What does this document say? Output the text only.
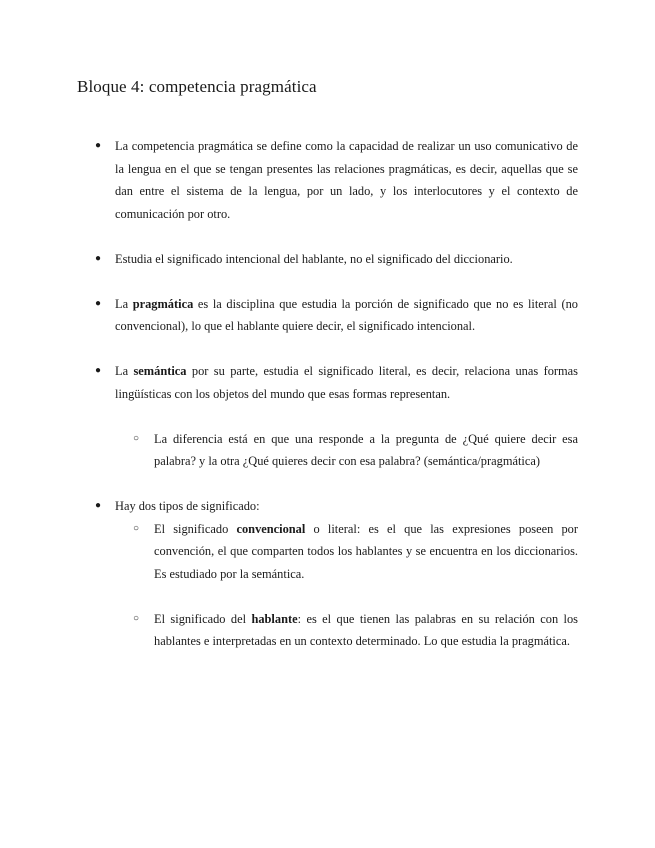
Bloque 4: competencia pragmática
●	La competencia pragmática se define como la capacidad de realizar un uso comunicativo de la lengua en el que se tengan presentes las relaciones pragmáticas, es decir, aquellas que se dan entre el sistema de la lengua, por un lado, y los interlocutores y el contexto de comunicación por otro.
●	Estudia el significado intencional del hablante, no el significado del diccionario.
●	La pragmática es la disciplina que estudia la porción de significado que no es literal (no convencional), lo que el hablante quiere decir, el significado intencional.
●	La semántica por su parte, estudia el significado literal, es decir, relaciona unas formas lingüísticas con los objetos del mundo que esas formas representan.
○ La diferencia está en que una responde a la pregunta de ¿Qué quiere decir esa palabra? y la otra ¿Qué quieres decir con esa palabra? (semántica/pragmática)
●	Hay dos tipos de significado:
○ El significado convencional o literal: es el que las expresiones poseen por convención, el que comparten todos los hablantes y se encuentra en los diccionarios. Es estudiado por la semántica.
○ El significado del hablante: es el que tienen las palabras en su relación con los hablantes e interpretadas en un contexto determinado. Lo que estudia la pragmática.
